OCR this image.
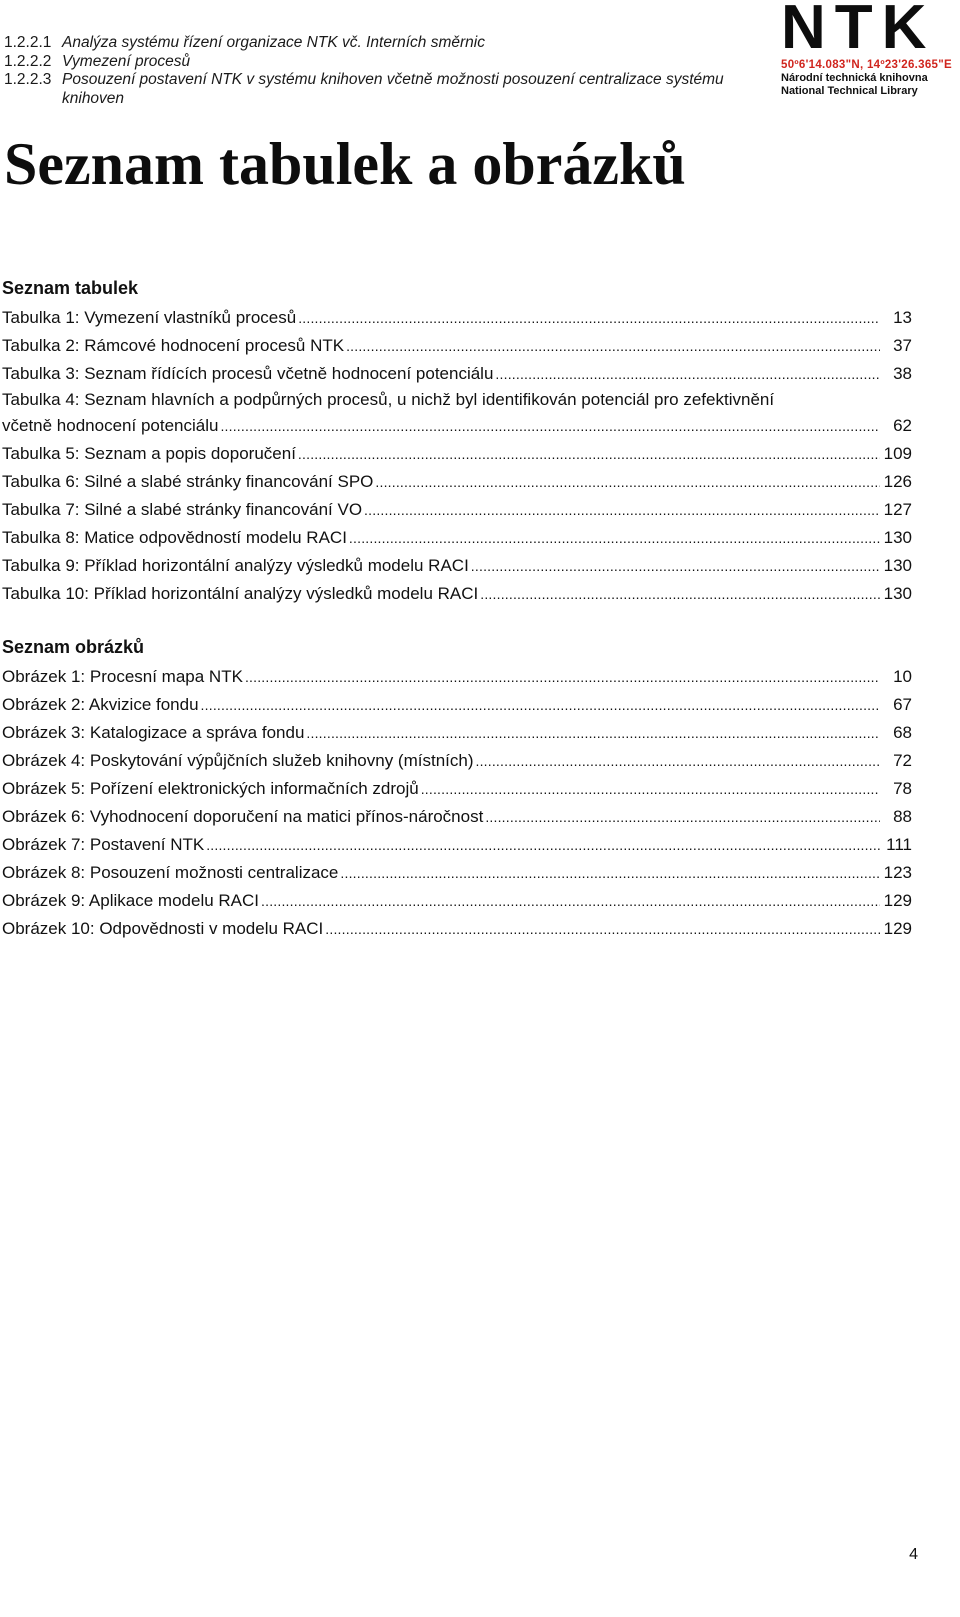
1.2.2.1 Analýza systému řízení organizace NTK vč. Interních směrnic
1.2.2.2 Vymezení procesů
1.2.2.3 Posouzení postavení NTK v systému knihoven včetně možnosti posouzení centralizace systému knihoven
NTK
50º6'14.083"N, 14º23'26.365"E
Národní technická knihovna
National Technical Library
Seznam tabulek a obrázků
Seznam tabulek
Tabulka 1: Vymezení vlastníků procesů .....	13
Tabulka 2: Rámcové hodnocení procesů NTK .....	37
Tabulka 3: Seznam řídících procesů včetně hodnocení potenciálu .....	38
Tabulka 4: Seznam hlavních a podpůrných procesů, u nichž byl identifikován potenciál pro zefektivnění
včetně hodnocení potenciálu .....	62
Tabulka 5: Seznam a popis doporučení .....	109
Tabulka 6: Silné a slabé stránky financování SPO .....	126
Tabulka 7: Silné a slabé stránky financování VO .....	127
Tabulka 8: Matice odpovědností modelu RACI .....	130
Tabulka 9: Příklad horizontální analýzy výsledků modelu RACI .....	130
Tabulka 10: Příklad horizontální analýzy výsledků modelu RACI .....	130
Seznam obrázků
Obrázek 1: Procesní mapa NTK .....	10
Obrázek 2: Akvizice fondu .....	67
Obrázek 3: Katalogizace a správa fondu .....	68
Obrázek 4: Poskytování výpůjčních služeb knihovny (místních) .....	72
Obrázek 5: Pořízení elektronických informačních zdrojů .....	78
Obrázek 6: Vyhodnocení doporučení na matici přínos-náročnost .....	88
Obrázek 7: Postavení NTK .....	111
Obrázek 8: Posouzení možnosti centralizace .....	123
Obrázek 9: Aplikace modelu RACI .....	129
Obrázek 10: Odpovědnosti v modelu RACI .....	129
4
